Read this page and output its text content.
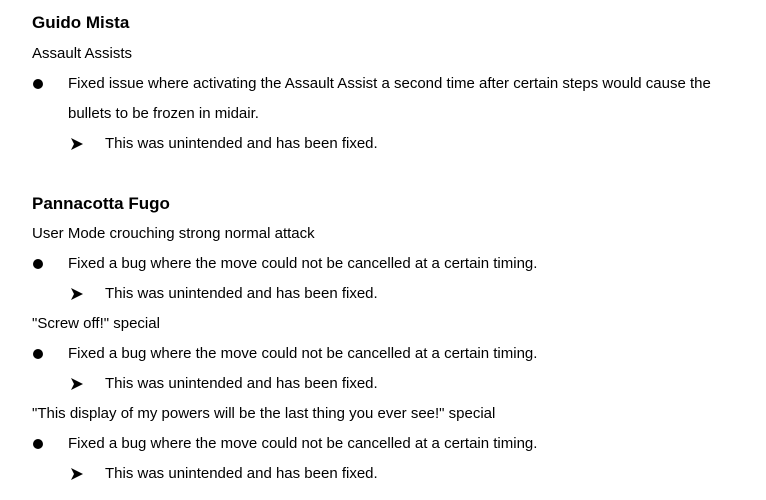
Guido Mista
Assault Assists
Fixed issue where activating the Assault Assist a second time after certain steps would cause the
bullets to be frozen in midair.
This was unintended and has been fixed.
Pannacotta Fugo
User Mode crouching strong normal attack
Fixed a bug where the move could not be cancelled at a certain timing.
This was unintended and has been fixed.
"Screw off!" special
Fixed a bug where the move could not be cancelled at a certain timing.
This was unintended and has been fixed.
"This display of my powers will be the last thing you ever see!" special
Fixed a bug where the move could not be cancelled at a certain timing.
This was unintended and has been fixed.
